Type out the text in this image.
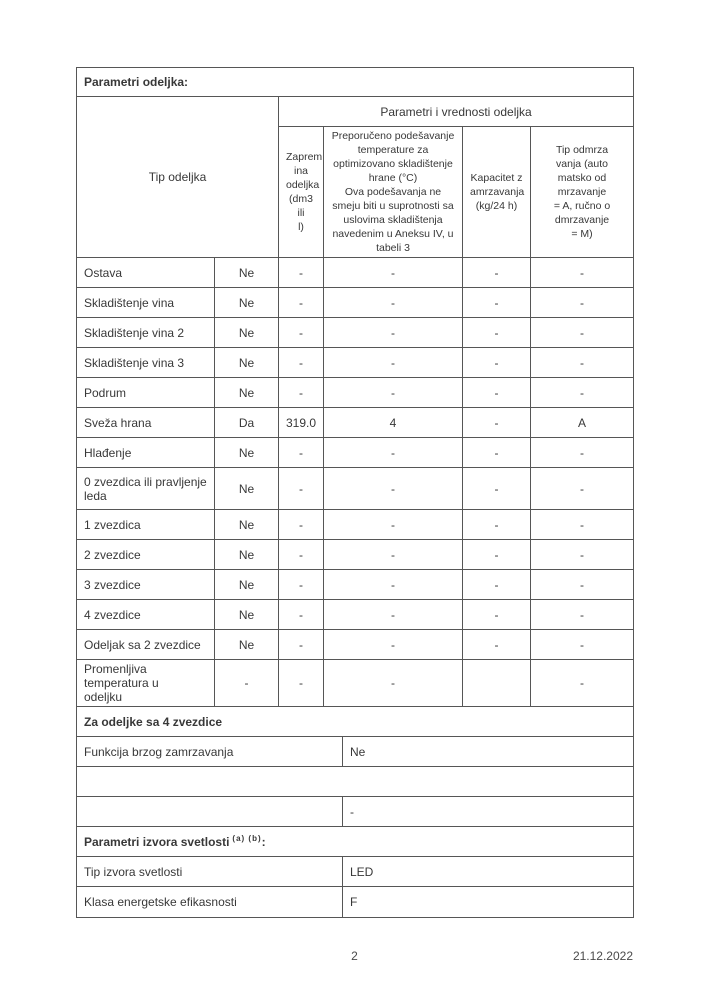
Parametri odeljka:						
Tip odeljka		Parametri i vrednosti odeljka				
Zaprem
ina
odeljka
(dm3 ili
l)	Preporučeno podešavanje
temperature za
optimizovano skladištenje
hrane (°C)
Ova podešavanja ne
smeju biti u suprotnosti sa
uslovima skladištenja
navedenim u Aneksu IV, u
tabeli 3	Kapacitet z
amrzavanja
(kg/24 h)	Tip odmrza
vanja (auto
matsko od
mrzavanje
= A, ručno o
dmrzavanje
= M)
Ostava	Ne	-	-		-	-
Skladištenje vina	Ne	-	-		-	-
Skladištenje vina 2	Ne	-	-		-	-
Skladištenje vina 3	Ne	-	-		-	-
Podrum	Ne	-	-		-	-
Sveža hrana	Da	319.0	4		-	A
Hlađenje	Ne	-	-		-	-
0 zvezdica ili pravljenje
leda	Ne	-	-		-	-
1 zvezdica	Ne	-	-		-	-
2 zvezdice	Ne	-	-		-	-
3 zvezdice	Ne	-	-		-	-
4 zvezdice	Ne	-	-		-	-
Odeljak sa 2 zvezdice	Ne	-	-		-	-
Promenljiva temperatura u
odeljku	-	-	-			-
Za odeljke sa 4 zvezdice						
Funkcija brzog zamrzavanja				Ne		

				-		
Parametri izvora svetlosti $^{(a) (b)}$:						
Tip izvora svetlosti				LED		
Klasa energetske efikasnosti				F		
2	21.12.2022
